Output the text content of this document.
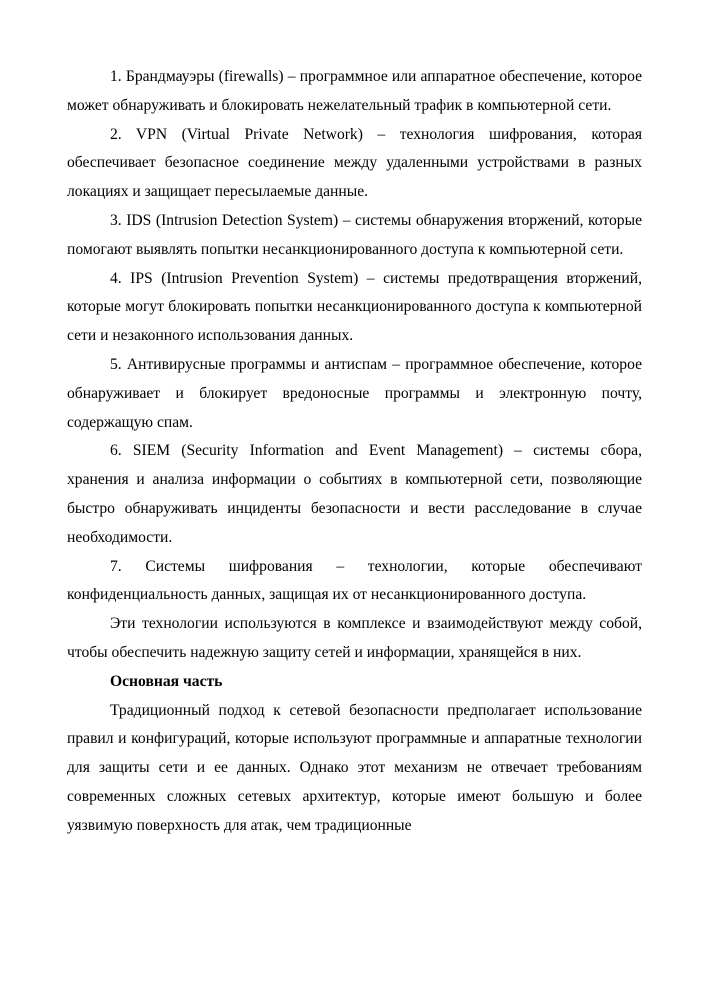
1. Брандмауэры (firewalls) – программное или аппаратное обеспечение, которое может обнаруживать и блокировать нежелательный трафик в компьютерной сети.

2. VPN (Virtual Private Network) – технология шифрования, которая обеспечивает безопасное соединение между удаленными устройствами в разных локациях и защищает пересылаемые данные.

3. IDS (Intrusion Detection System) – системы обнаружения вторжений, которые помогают выявлять попытки несанкционированного доступа к компьютерной сети.

4. IPS (Intrusion Prevention System) – системы предотвращения вторжений, которые могут блокировать попытки несанкционированного доступа к компьютерной сети и незаконного использования данных.

5. Антивирусные программы и антиспам – программное обеспечение, которое обнаруживает и блокирует вредоносные программы и электронную почту, содержащую спам.

6. SIEM (Security Information and Event Management) – системы сбора, хранения и анализа информации о событиях в компьютерной сети, позволяющие быстро обнаруживать инциденты безопасности и вести расследование в случае необходимости.

7. Системы шифрования – технологии, которые обеспечивают конфиденциальность данных, защищая их от несанкционированного доступа.

Эти технологии используются в комплексе и взаимодействуют между собой, чтобы обеспечить надежную защиту сетей и информации, хранящейся в них.

Основная часть

Традиционный подход к сетевой безопасности предполагает использование правил и конфигураций, которые используют программные и аппаратные технологии для защиты сети и ее данных. Однако этот механизм не отвечает требованиям современных сложных сетевых архитектур, которые имеют большую и более уязвимую поверхность для атак, чем традиционные
